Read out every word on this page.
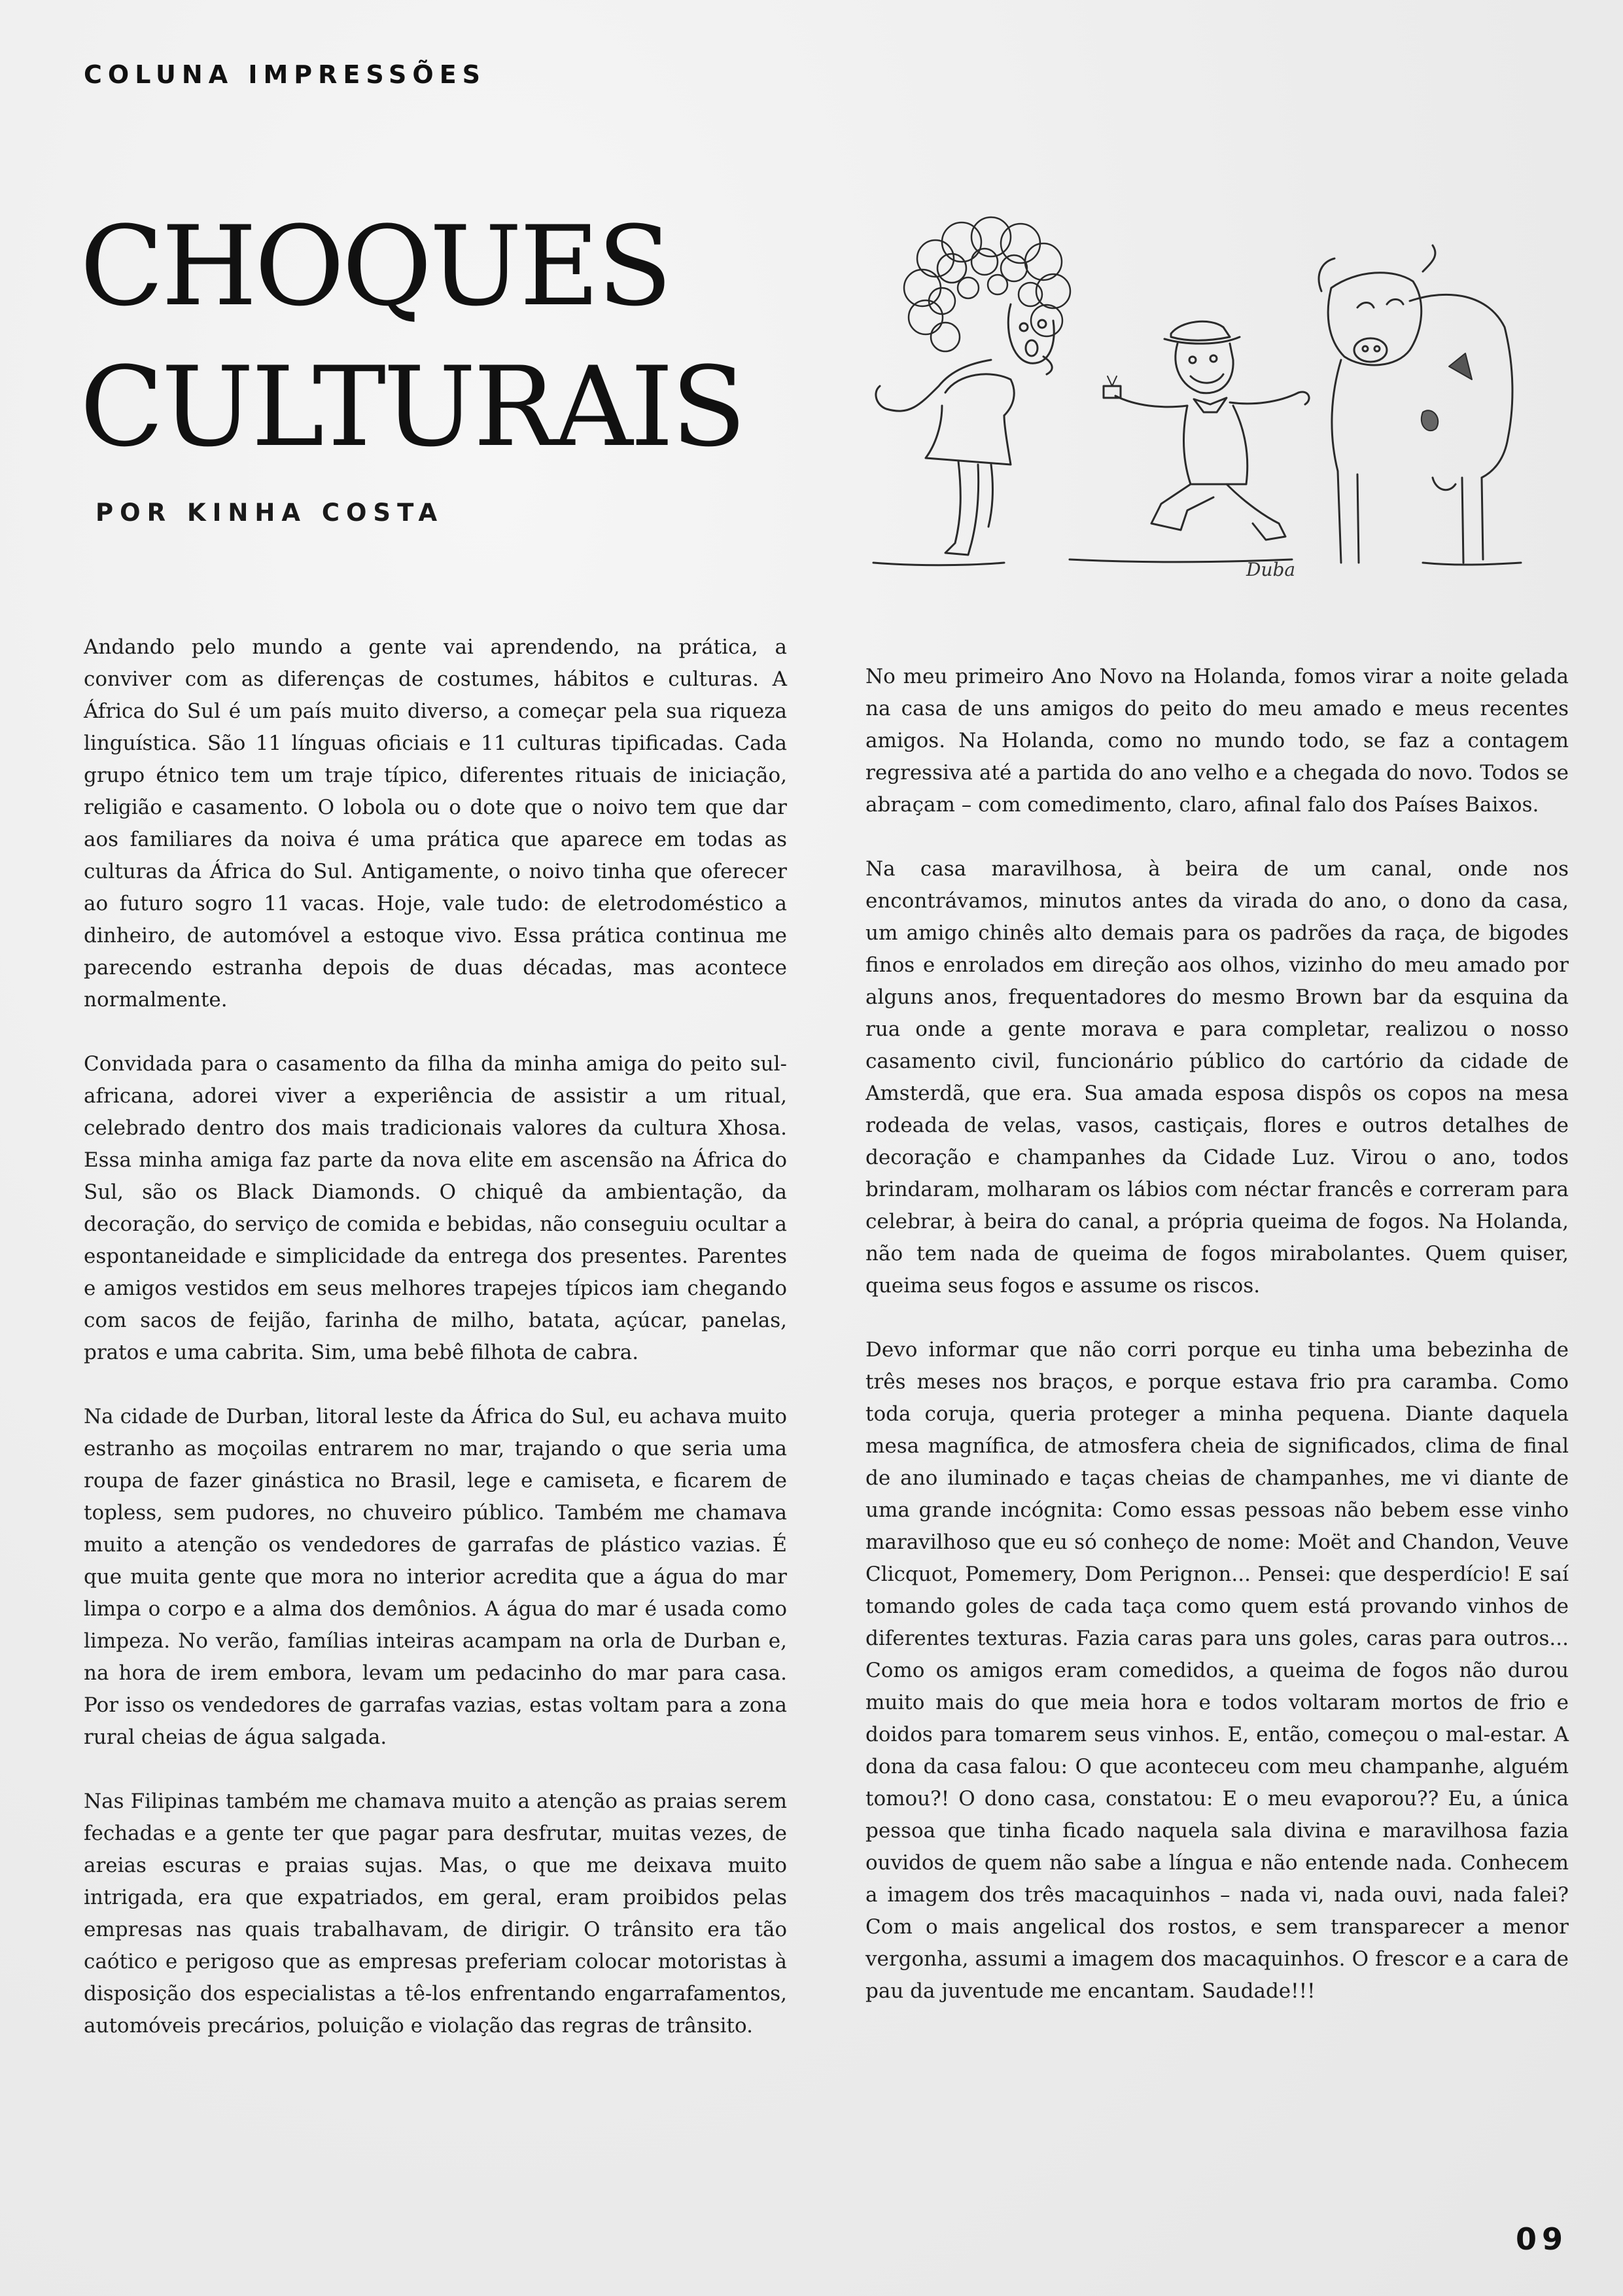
COLUNA IMPRESSÕES
CHOQUES
CULTURAIS
POR KINHA COSTA
Duba

Andando pelo mundo a gente vai aprendendo, na prática, a conviver com as diferenças de costumes, hábitos e culturas. A África do Sul é um país muito diverso, a começar pela sua riqueza linguística. São 11 línguas oficiais e 11 culturas tipificadas. Cada grupo étnico tem um traje típico, diferentes rituais de iniciação, religião e casamento. O lobola ou o dote que o noivo tem que dar aos familiares da noiva é uma prática que aparece em todas as culturas da África do Sul. Antigamente, o noivo tinha que oferecer ao futuro sogro 11 vacas. Hoje, vale tudo: de eletrodoméstico a dinheiro, de automóvel a estoque vivo. Essa prática continua me parecendo estranha depois de duas décadas, mas acontece normalmente.

Convidada para o casamento da filha da minha amiga do peito sul-africana, adorei viver a experiência de assistir a um ritual, celebrado dentro dos mais tradicionais valores da cultura Xhosa. Essa minha amiga faz parte da nova elite em ascensão na África do Sul, são os Black Diamonds. O chiquê da ambientação, da decoração, do serviço de comida e bebidas, não conseguiu ocultar a espontaneidade e simplicidade da entrega dos presentes. Parentes e amigos vestidos em seus melhores trapejes típicos iam chegando com sacos de feijão, farinha de milho, batata, açúcar, panelas, pratos e uma cabrita. Sim, uma bebê filhota de cabra.

Na cidade de Durban, litoral leste da África do Sul, eu achava muito estranho as moçoilas entrarem no mar, trajando o que seria uma roupa de fazer ginástica no Brasil, lege e camiseta, e ficarem de topless, sem pudores, no chuveiro público. Também me chamava muito a atenção os vendedores de garrafas de plástico vazias. É que muita gente que mora no interior acredita que a água do mar limpa o corpo e a alma dos demônios. A água do mar é usada como limpeza. No verão, famílias inteiras acampam na orla de Durban e, na hora de irem embora, levam um pedacinho do mar para casa. Por isso os vendedores de garrafas vazias, estas voltam para a zona rural cheias de água salgada.

Nas Filipinas também me chamava muito a atenção as praias serem fechadas e a gente ter que pagar para desfrutar, muitas vezes, de areias escuras e praias sujas. Mas, o que me deixava muito intrigada, era que expatriados, em geral, eram proibidos pelas empresas nas quais trabalhavam, de dirigir. O trânsito era tão caótico e perigoso que as empresas preferiam colocar motoristas à disposição dos especialistas a tê-los enfrentando engarrafamentos, automóveis precários, poluição e violação das regras de trânsito.

No meu primeiro Ano Novo na Holanda, fomos virar a noite gelada na casa de uns amigos do peito do meu amado e meus recentes amigos. Na Holanda, como no mundo todo, se faz a contagem regressiva até a partida do ano velho e a chegada do novo. Todos se abraçam – com comedimento, claro, afinal falo dos Países Baixos.

Na casa maravilhosa, à beira de um canal, onde nos encontrávamos, minutos antes da virada do ano, o dono da casa, um amigo chinês alto demais para os padrões da raça, de bigodes finos e enrolados em direção aos olhos, vizinho do meu amado por alguns anos, frequentadores do mesmo Brown bar da esquina da rua onde a gente morava e para completar, realizou o nosso casamento civil, funcionário público do cartório da cidade de Amsterdã, que era. Sua amada esposa dispôs os copos na mesa rodeada de velas, vasos, castiçais, flores e outros detalhes de decoração e champanhes da Cidade Luz. Virou o ano, todos brindaram, molharam os lábios com néctar francês e correram para celebrar, à beira do canal, a própria queima de fogos. Na Holanda, não tem nada de queima de fogos mirabolantes. Quem quiser, queima seus fogos e assume os riscos.

Devo informar que não corri porque eu tinha uma bebezinha de três meses nos braços, e porque estava frio pra caramba. Como toda coruja, queria proteger a minha pequena. Diante daquela mesa magnífica, de atmosfera cheia de significados, clima de final de ano iluminado e taças cheias de champanhes, me vi diante de uma grande incógnita: Como essas pessoas não bebem esse vinho maravilhoso que eu só conheço de nome: Moët and Chandon, Veuve Clicquot, Pomemery, Dom Perignon... Pensei: que desperdício! E saí tomando goles de cada taça como quem está provando vinhos de diferentes texturas. Fazia caras para uns goles, caras para outros... Como os amigos eram comedidos, a queima de fogos não durou muito mais do que meia hora e todos voltaram mortos de frio e doidos para tomarem seus vinhos. E, então, começou o mal-estar. A dona da casa falou: O que aconteceu com meu champanhe, alguém tomou?! O dono casa, constatou: E o meu evaporou?? Eu, a única pessoa que tinha ficado naquela sala divina e maravilhosa fazia ouvidos de quem não sabe a língua e não entende nada. Conhecem a imagem dos três macaquinhos – nada vi, nada ouvi, nada falei? Com o mais angelical dos rostos, e sem transparecer a menor vergonha, assumi a imagem dos macaquinhos. O frescor e a cara de pau da juventude me encantam. Saudade!!!

09
